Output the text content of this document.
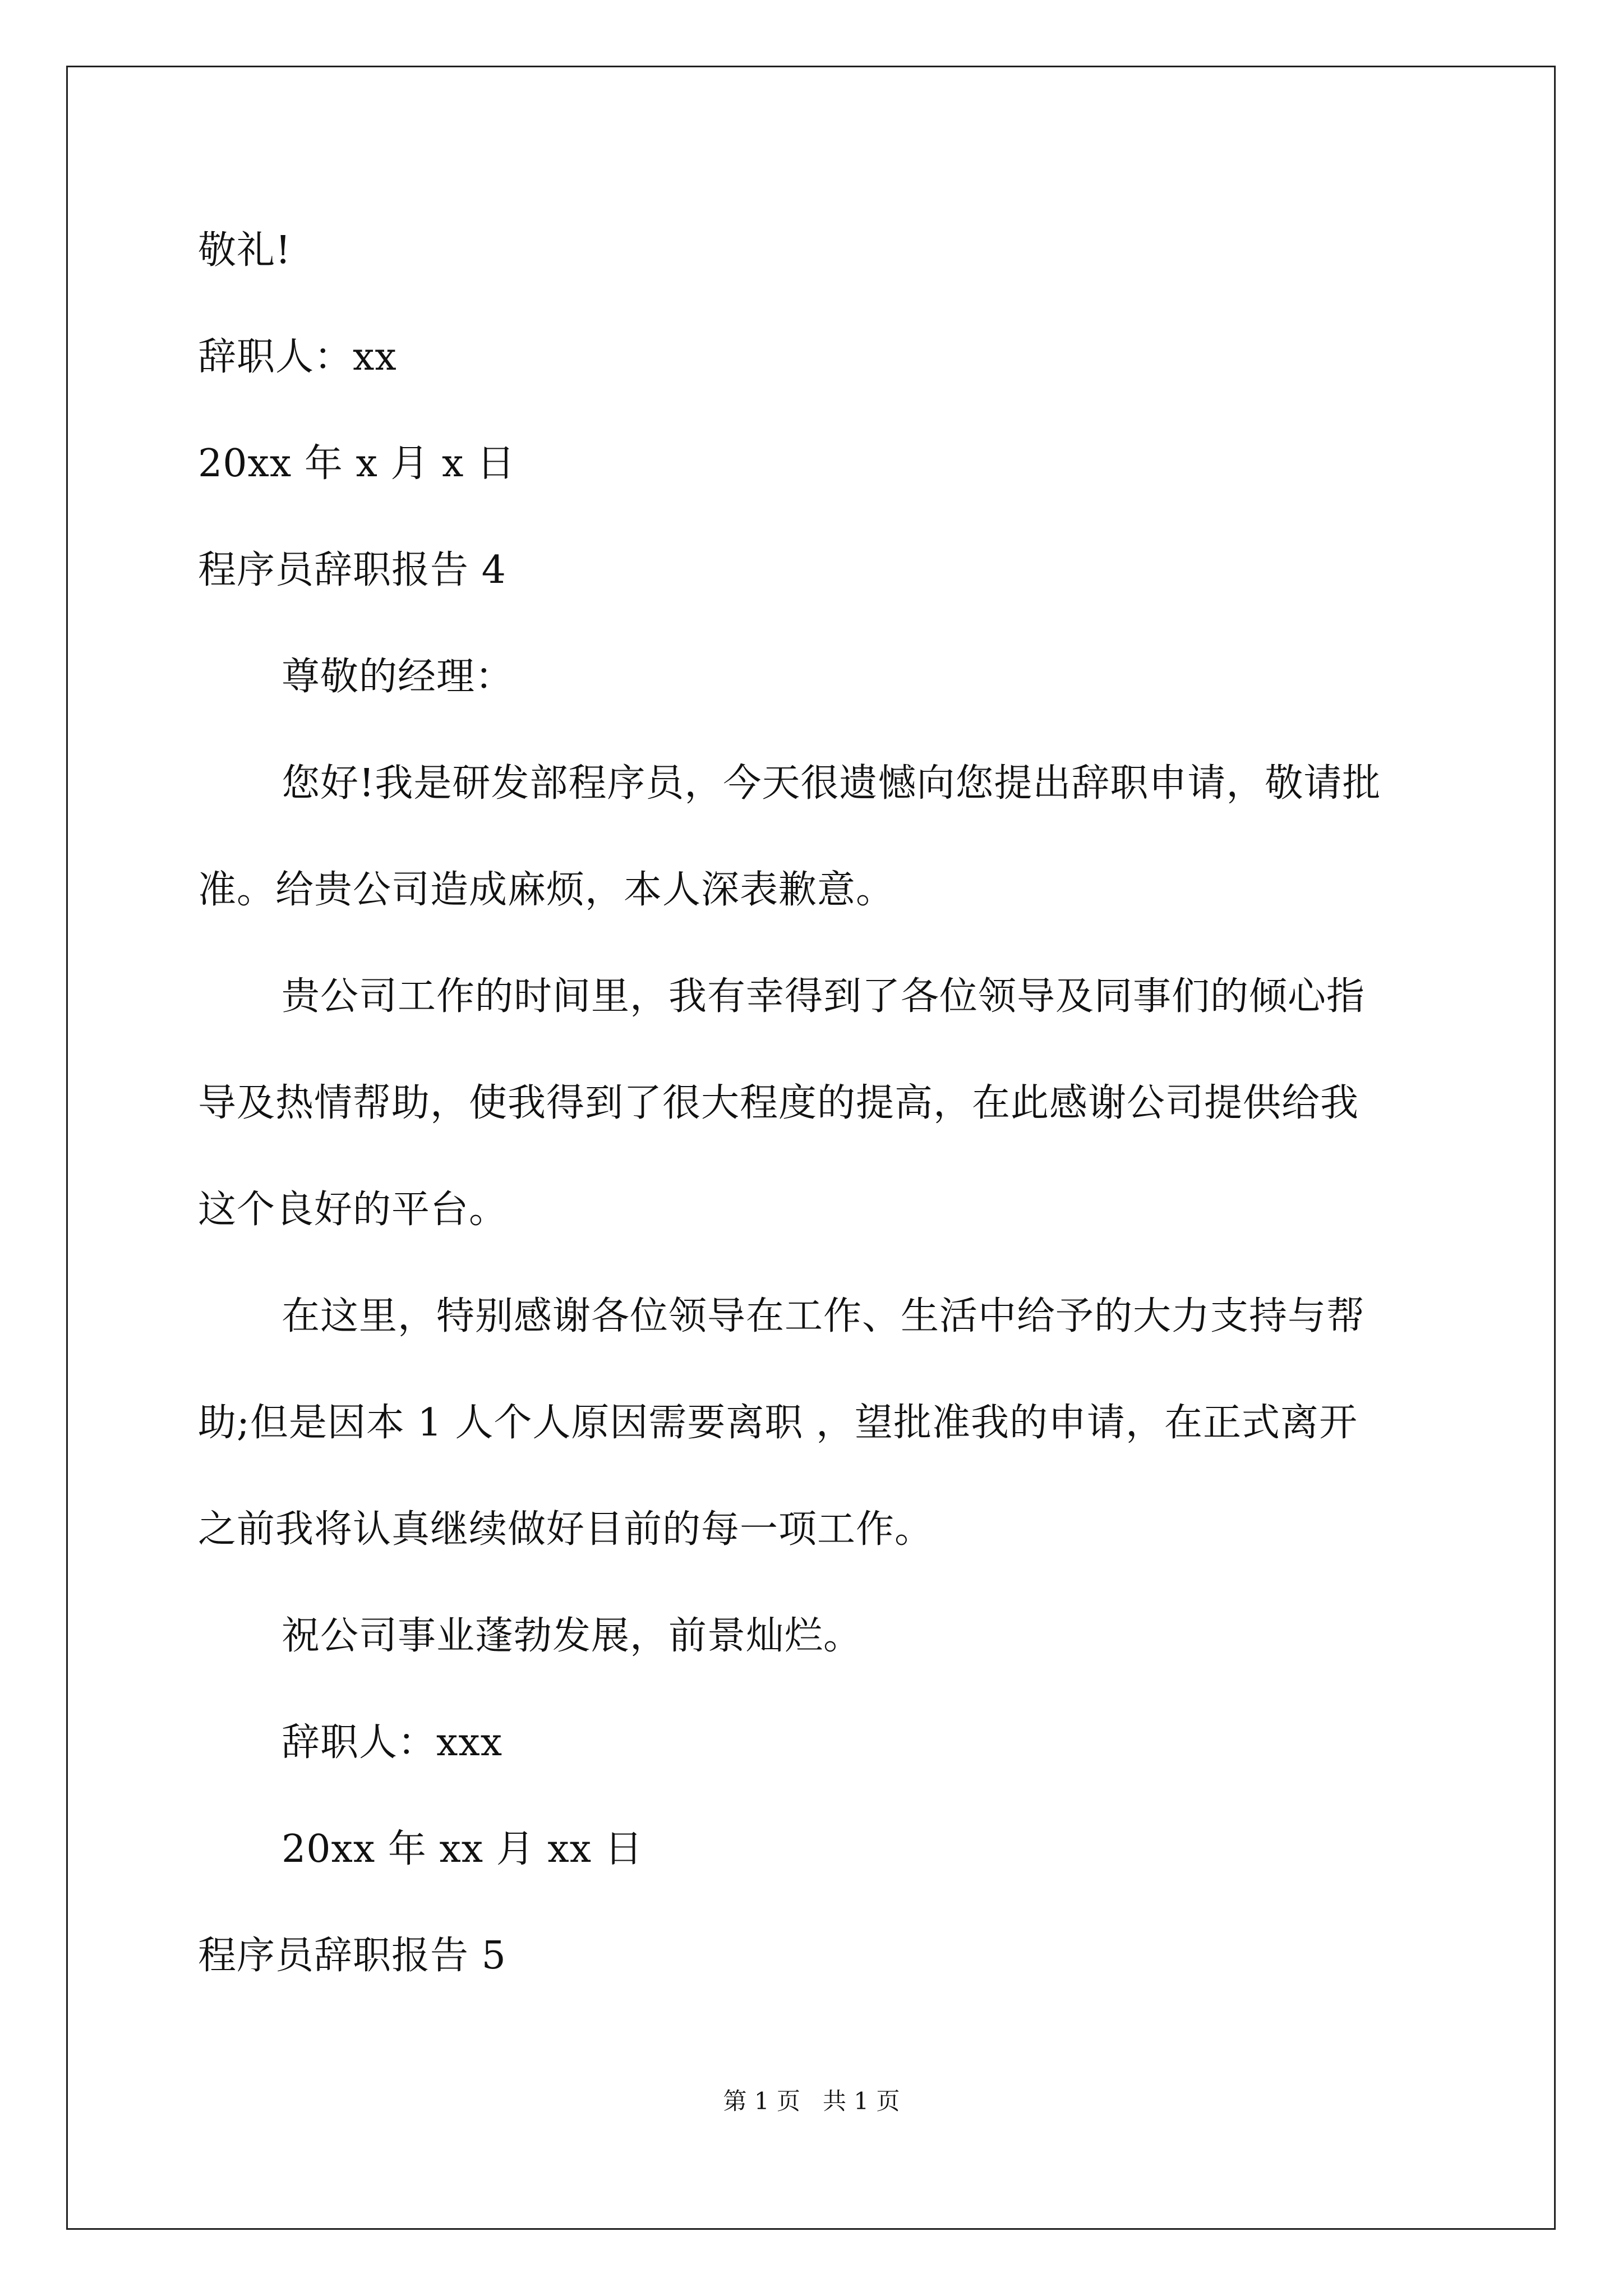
敬礼!
辞职人：xx
20xx 年 x 月 x 日
程序员辞职报告 4
尊敬的经理：
您好!我是研发部程序员，今天很遗憾向您提出辞职申请，敬请批
准。给贵公司造成麻烦，本人深表歉意。
贵公司工作的时间里，我有幸得到了各位领导及同事们的倾心指
导及热情帮助，使我得到了很大程度的提高，在此感谢公司提供给我
这个良好的平台。
在这里，特别感谢各位领导在工作、生活中给予的大力支持与帮
助;但是因本 1 人个人原因需要离职 ，望批准我的申请，在正式离开
之前我将认真继续做好目前的每一项工作。
祝公司事业蓬勃发展，前景灿烂。
辞职人：xxx
20xx 年 xx 月 xx 日
程序员辞职报告 5
第 1 页   共 1 页
